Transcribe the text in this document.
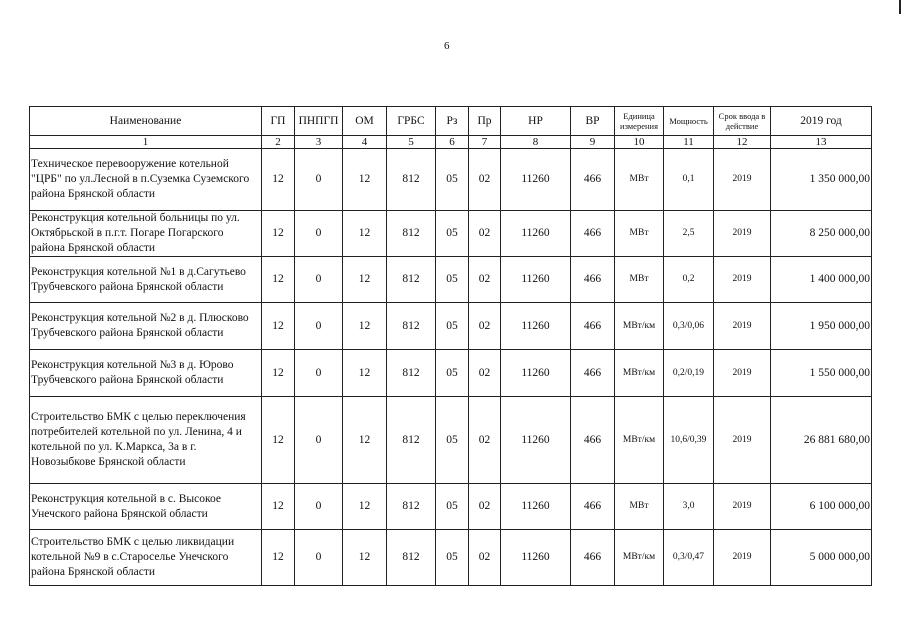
6
Наименование	ГП	ПНПГП	ОМ	ГРБС	Рз	Пр	НР	ВР	Единица измерения	Мощность	Срок ввода в действие	2019 год
1	2	3	4	5	6	7	8	9	10	11	12	13
Техническое перевооружение котельной "ЦРБ" по ул.Лесной в п.Суземка Суземского района Брянской области	12	0	12	812	05	02	11260	466	МВт	0,1	2019	1 350 000,00
Реконструкция котельной больницы по ул. Октябрьской в п.г.т. Погаре Погарского района Брянской области	12	0	12	812	05	02	11260	466	МВт	2,5	2019	8 250 000,00
Реконструкция котельной №1 в д.Сагутьево Трубчевского района Брянской области	12	0	12	812	05	02	11260	466	МВт	0,2	2019	1 400 000,00
Реконструкция котельной №2 в д. Плюсково Трубчевского района Брянской области	12	0	12	812	05	02	11260	466	МВт/км	0,3/0,06	2019	1 950 000,00
Реконструкция котельной №3 в д. Юрово Трубчевского района Брянской области	12	0	12	812	05	02	11260	466	МВт/км	0,2/0,19	2019	1 550 000,00
Строительство БМК с целью переключения потребителей котельной по ул. Ленина, 4 и котельной по ул. К.Маркса, 3а в г. Новозыбкове Брянской области	12	0	12	812	05	02	11260	466	МВт/км	10,6/0,39	2019	26 881 680,00
Реконструкция котельной в с. Высокое Унечского района Брянской области	12	0	12	812	05	02	11260	466	МВт	3,0	2019	6 100 000,00
Строительство БМК с целью ликвидации котельной №9 в с.Староселье Унечского района Брянской области	12	0	12	812	05	02	11260	466	МВт/км	0,3/0,47	2019	5 000 000,00
